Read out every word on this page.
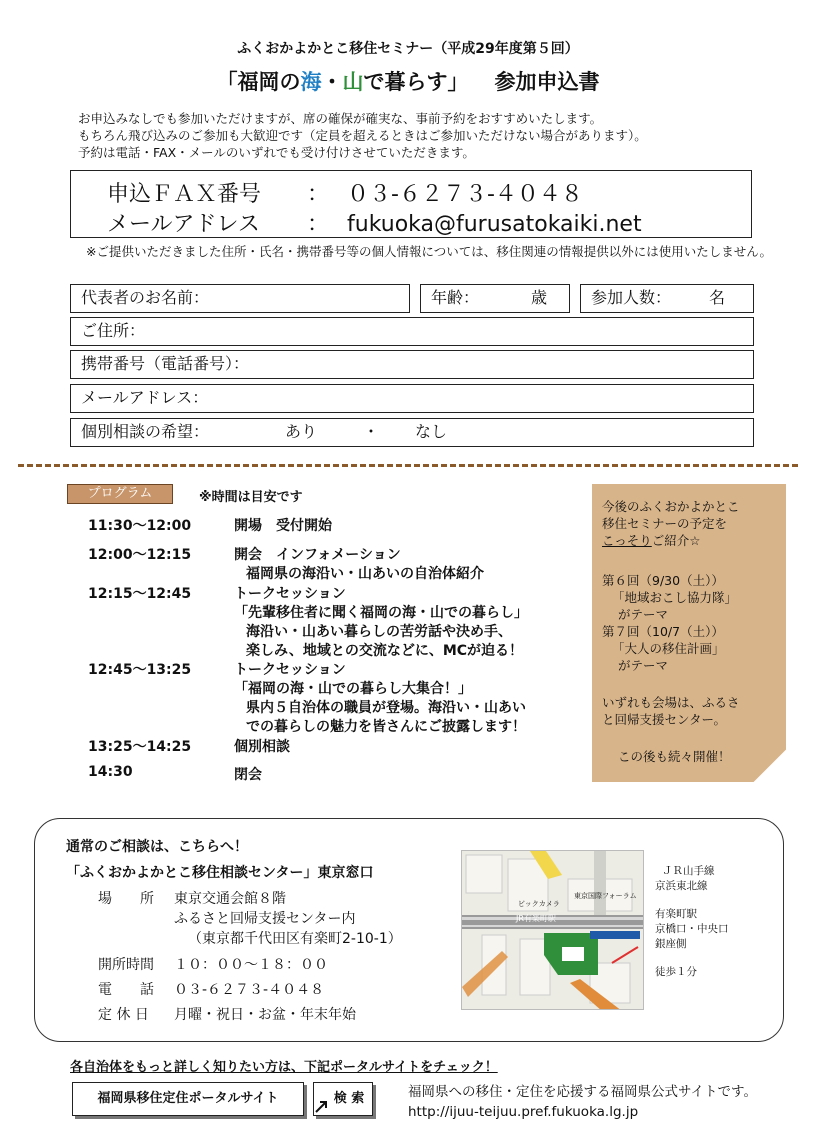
ふくおかよかとこ移住セミナー（平成29年度第５回）
「福岡の海・山で暮らす」 参加申込書
お申込みなしでも参加いただけますが、席の確保が確実な、事前予約をおすすめいたします。
もちろん飛び込みのご参加も大歓迎です（定員を超えるときはご参加いただけない場合があります）。
予約は電話・FAX・メールのいずれでも受け付けさせていただきます。
申込ＦＡＸ番号 ： ０３-６２７３-４０４８
メールアドレス ： fukuoka@furusatokaiki.net
※ご提供いただきました住所・氏名・携帯番号等の個人情報については、移住関連の情報提供以外には使用いたしません。
代表者のお名前：	年齢：	歳	参加人数： 名
ご住所：
携帯番号（電話番号）：
メールアドレス：
個別相談の希望：	あり	・ なし
プログラム	※時間は目安です
11:30～12:00	開場　受付開始
12:00～12:15	開会　インフォメーション
福岡県の海沿い・山あいの自治体紹介
12:15～12:45	トークセッション
「先輩移住者に聞く福岡の海・山での暮らし」
海沿い・山あい暮らしの苦労話や決め手、
楽しみ、地域との交流などに、MCが迫る！
12:45～13:25	トークセッション
「福岡の海・山での暮らし大集合！」
県内５自治体の職員が登場。海沿い・山あい
での暮らしの魅力を皆さんにご披露します！
13:25～14:25	個別相談
14:30	閉会
今後のふくおかよかとこ
移住セミナーの予定を
こっそりご紹介☆
第６回（9/30（土））
「地域おこし協力隊」
がテーマ
第７回（10/7（土））
「大人の移住計画」
がテーマ
いずれも会場は、ふるさ
と回帰支援センター。
この後も続々開催！
通常のご相談は、こちらへ！
「ふくおかよかとこ移住相談センター」東京窓口
場　　所 東京交通会館８階
ふるさと回帰支援センター内
（東京都千代田区有楽町2-10-1）
開所時間 １０：００～１８：００
電　　話 ０３-６２７３-４０４８
定 休 日 月曜・祝日・お盆・年末年始
JR有楽町駅
東京国際フォーラム
ビックカメラ
ＪＲ山手線
京浜東北線
有楽町駅
京橋口・中央口
銀座側
徒歩１分
各自治体をもっと詳しく知りたい方は、下記ポータルサイトをチェック！
福岡県移住定住ポータルサイト	検 索	福岡県への移住・定住を応援する福岡県公式サイトです。
http://ijuu-teijuu.pref.fukuoka.lg.jp
